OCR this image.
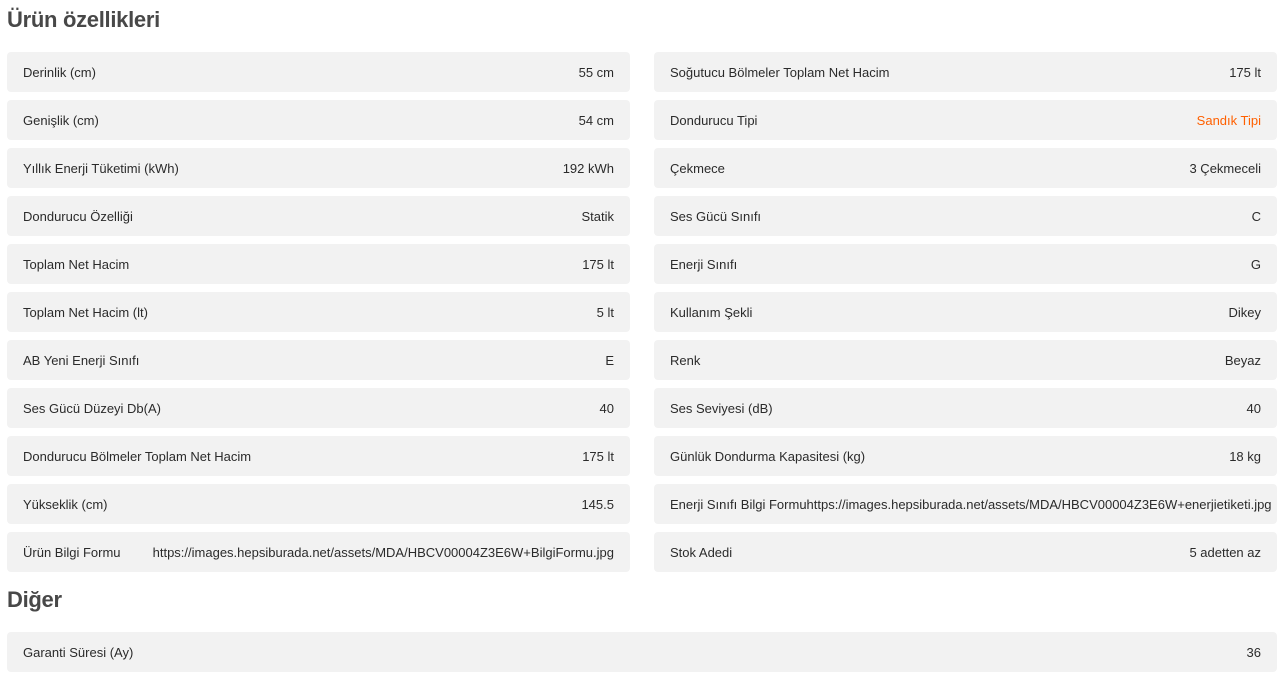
Ürün özellikleri
Derinlik (cm)	55 cm
Genişlik (cm)	54 cm
Yıllık Enerji Tüketimi (kWh)	192 kWh
Dondurucu Özelliği	Statik
Toplam Net Hacim	175 lt
Toplam Net Hacim (lt)	5 lt
AB Yeni Enerji Sınıfı	E
Ses Gücü Düzeyi Db(A)	40
Dondurucu Bölmeler Toplam Net Hacim	175 lt
Yükseklik (cm)	145.5
Ürün Bilgi Formu https://images.hepsiburada.net/assets/MDA/HBCV00004Z3E6W+BilgiFormu.jpg
Soğutucu Bölmeler Toplam Net Hacim	175 lt
Dondurucu Tipi	Sandık Tipi
Çekmece	3 Çekmeceli
Ses Gücü Sınıfı	C
Enerji Sınıfı	G
Kullanım Şekli	Dikey
Renk	Beyaz
Ses Seviyesi (dB)	40
Günlük Dondurma Kapasitesi (kg)	18 kg
Enerji Sınıfı Bilgi Formu https://images.hepsiburada.net/assets/MDA/HBCV00004Z3E6W+enerjietiketi.jpg
Stok Adedi	5 adetten az
Diğer
Garanti Süresi (Ay)	36
